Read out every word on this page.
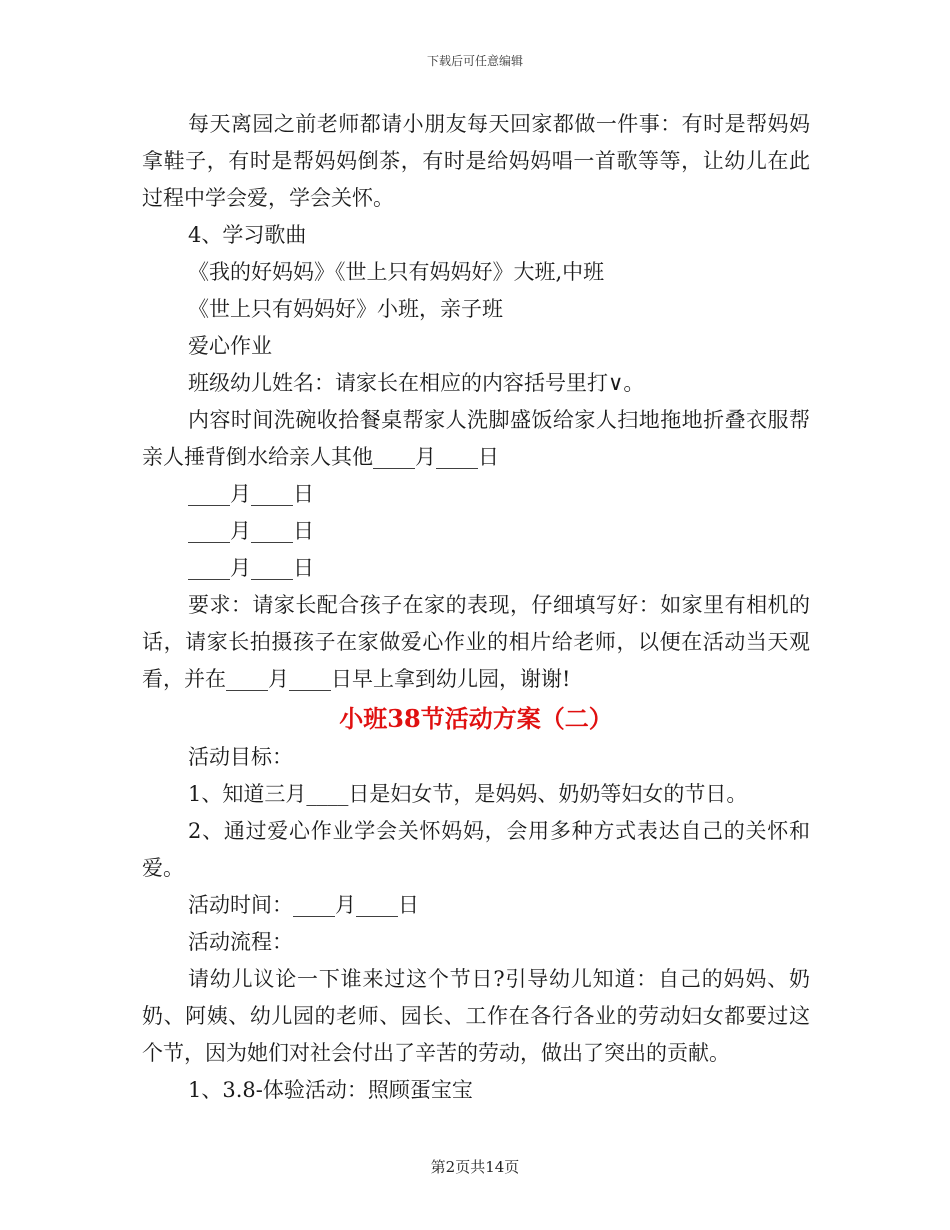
下载后可任意编辑

每天离园之前老师都请小朋友每天回家都做一件事：有时是帮妈妈拿鞋子，有时是帮妈妈倒茶，有时是给妈妈唱一首歌等等，让幼儿在此过程中学会爱，学会关怀。

4、学习歌曲

《我的好妈妈》《世上只有妈妈好》大班,中班

《世上只有妈妈好》小班，亲子班

爱心作业

班级幼儿姓名：请家长在相应的内容括号里打∨。

内容时间洗碗收拾餐桌帮家人洗脚盛饭给家人扫地拖地折叠衣服帮亲人捶背倒水给亲人其他____月____日

____月____日

____月____日

____月____日

要求：请家长配合孩子在家的表现，仔细填写好：如家里有相机的话，请家长拍摄孩子在家做爱心作业的相片给老师，以便在活动当天观看，并在____月____日早上拿到幼儿园，谢谢!

小班38节活动方案（二）

活动目标：

1、知道三月____日是妇女节，是妈妈、奶奶等妇女的节日。

2、通过爱心作业学会关怀妈妈，会用多种方式表达自己的关怀和爱。

活动时间：____月____日

活动流程：

请幼儿议论一下谁来过这个节日?引导幼儿知道：自己的妈妈、奶奶、阿姨、幼儿园的老师、园长、工作在各行各业的劳动妇女都要过这个节，因为她们对社会付出了辛苦的劳动，做出了突出的贡献。

1、3.8-体验活动：照顾蛋宝宝

第2页共14页
